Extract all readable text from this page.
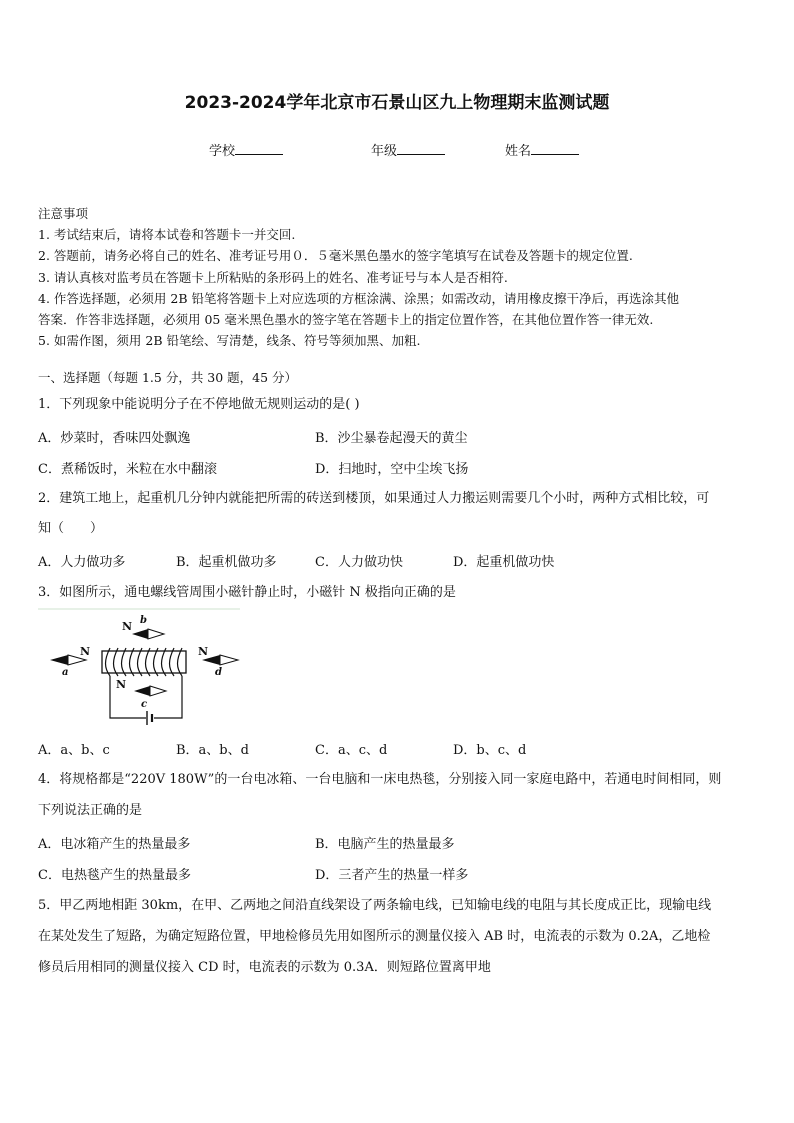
2023-2024学年北京市石景山区九上物理期末监测试题
学校	年级	姓名

注意事项

1. 考试结束后，请将本试卷和答题卡一并交回.

2. 答题前，请务必将自己的姓名、准考证号用０．５毫米黑色墨水的签字笔填写在试卷及答题卡的规定位置.

3. 请认真核对监考员在答题卡上所粘贴的条形码上的姓名、准考证号与本人是否相符.

4. 作答选择题，必须用 2B 铅笔将答题卡上对应选项的方框涂满、涂黑；如需改动，请用橡皮擦干净后，再选涂其他

答案．作答非选择题，必须用 05 毫米黑色墨水的签字笔在答题卡上的指定位置作答，在其他位置作答一律无效.

5. 如需作图，须用 2B 铅笔绘、写清楚，线条、符号等须加黑、加粗.

一、选择题（每题 1.5 分，共 30 题，45 分）
1．下列现象中能说明分子在不停地做无规则运动的是( )
A．炒菜时，香味四处飘逸	B．沙尘暴卷起漫天的黄尘
C．煮稀饭时，米粒在水中翻滚	D．扫地时，空中尘埃飞扬
2．建筑工地上，起重机几分钟内就能把所需的砖送到楼顶，如果通过人力搬运则需要几个小时，两种方式相比较，可
知（　　）
A．人力做功多	B．起重机做功多	C．人力做功快	D．起重机做功快
3．如图所示，通电螺线管周围小磁针静止时，小磁针 N 极指向正确的是
N
N
N
N
a
b
c
d
A．a、b、c	B．a、b、d	C．a、c、d	D．b、c、d
4．将规格都是“220V 180W”的一台电冰箱、一台电脑和一床电热毯，分别接入同一家庭电路中，若通电时间相同，则
下列说法正确的是
A．电冰箱产生的热量最多	B．电脑产生的热量最多
C．电热毯产生的热量最多	D．三者产生的热量一样多
5．甲乙两地相距 30km，在甲、乙两地之间沿直线架设了两条输电线，已知输电线的电阻与其长度成正比，现输电线
在某处发生了短路，为确定短路位置，甲地检修员先用如图所示的测量仪接入 AB 时，电流表的示数为 0.2A，乙地检
修员后用相同的测量仪接入 CD 时，电流表的示数为 0.3A．则短路位置离甲地
